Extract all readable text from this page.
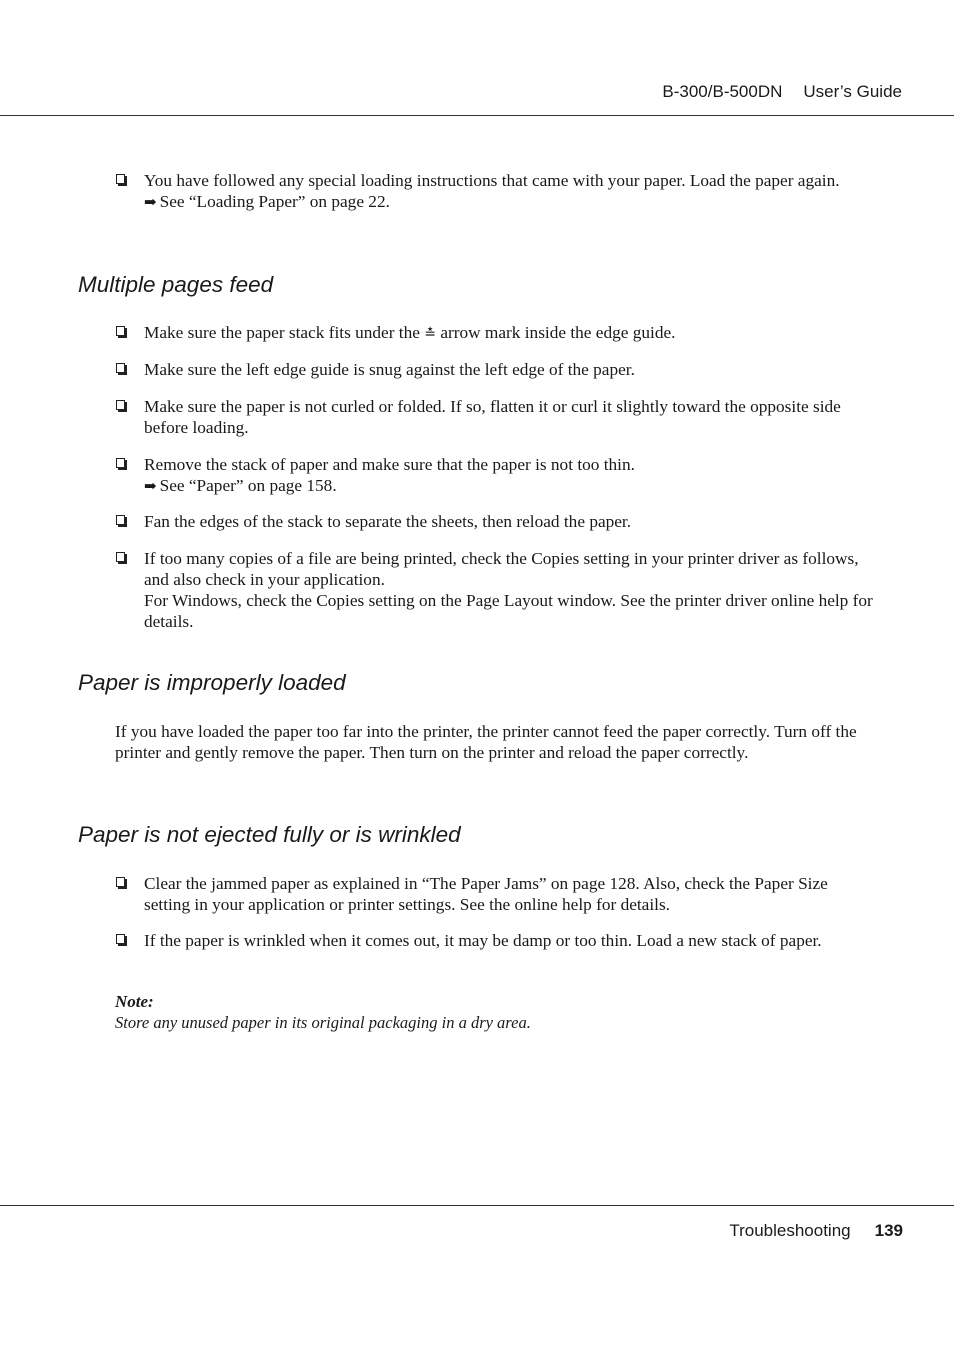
B-300/B-500DN User’s Guide
You have followed any special loading instructions that came with your paper. Load the paper again.
➡ See “Loading Paper” on page 22.
Multiple pages feed
Make sure the paper stack fits under the ≛ arrow mark inside the edge guide.
Make sure the left edge guide is snug against the left edge of the paper.
Make sure the paper is not curled or folded. If so, flatten it or curl it slightly toward the opposite side before loading.
Remove the stack of paper and make sure that the paper is not too thin.
➡ See “Paper” on page 158.
Fan the edges of the stack to separate the sheets, then reload the paper.
If too many copies of a file are being printed, check the Copies setting in your printer driver as follows, and also check in your application.
For Windows, check the Copies setting on the Page Layout window. See the printer driver online help for details.
Paper is improperly loaded
If you have loaded the paper too far into the printer, the printer cannot feed the paper correctly. Turn off the printer and gently remove the paper. Then turn on the printer and reload the paper correctly.
Paper is not ejected fully or is wrinkled
Clear the jammed paper as explained in “The Paper Jams” on page 128. Also, check the Paper Size setting in your application or printer settings. See the online help for details.
If the paper is wrinkled when it comes out, it may be damp or too thin. Load a new stack of paper.
Note:
Store any unused paper in its original packaging in a dry area.
Troubleshooting 139
